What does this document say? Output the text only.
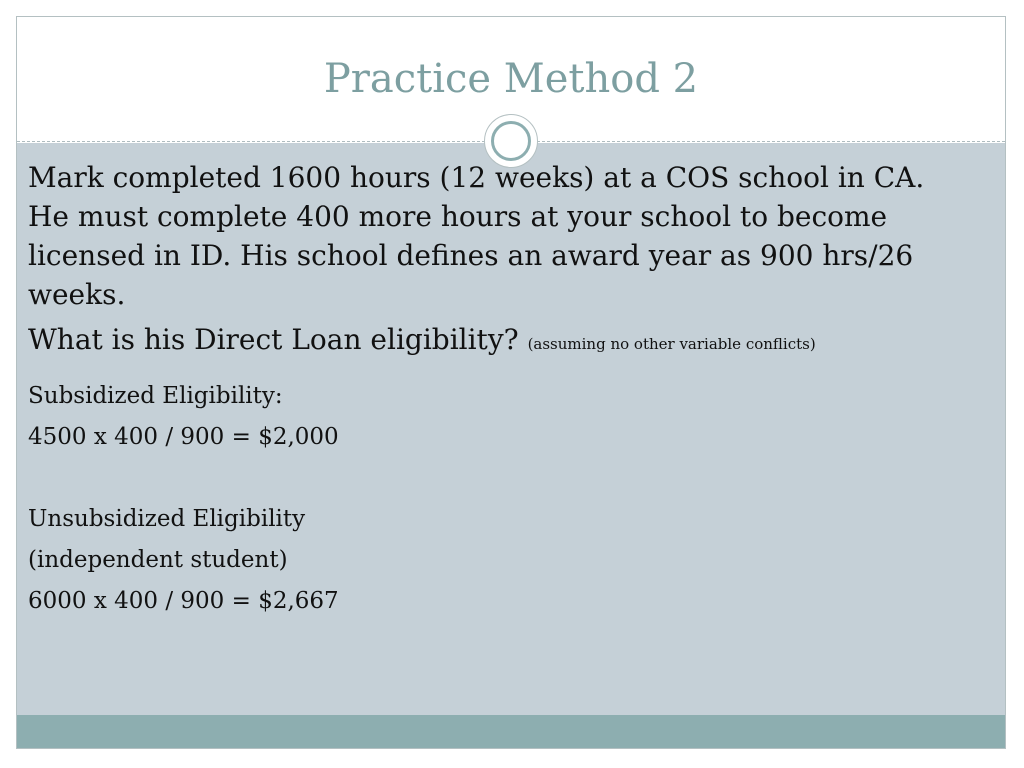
Practice Method 2

Mark completed 1600 hours (12 weeks) at a COS school in CA. He must complete 400 more hours at your school to become licensed in ID. His school defines an award year as 900 hrs/26 weeks.

What is his Direct Loan eligibility? (assuming no other variable conflicts)

Subsidized Eligibility:

4500 x 400 / 900 = $2,000

Unsubsidized Eligibility

(independent student)

6000 x 400 / 900 = $2,667
